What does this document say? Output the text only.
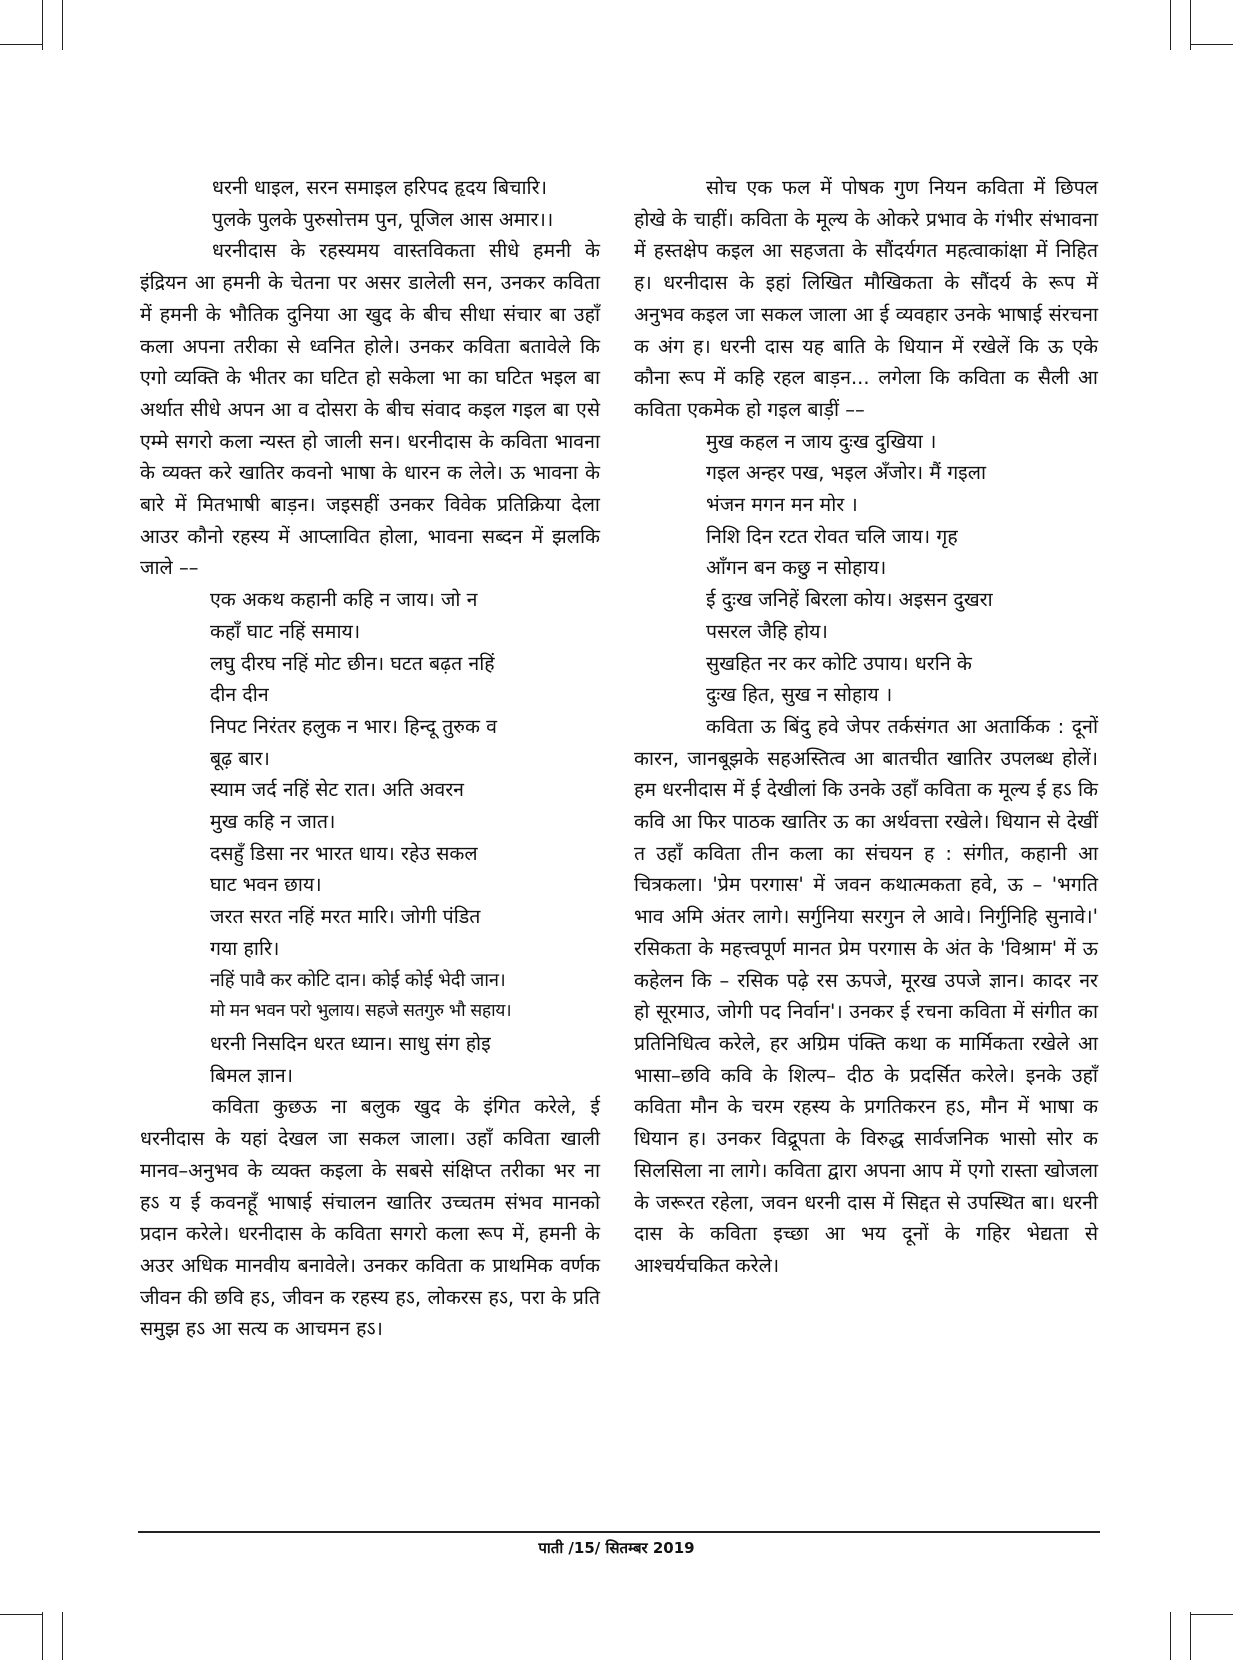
धरनी धाइल, सरन समाइल हरिपद हृदय बिचारि।

पुलके पुलके पुरुसोत्तम पुन, पूजिल आस अमार।।

धरनीदास के रहस्यमय वास्तविकता सीधे हमनी के इंद्रियन आ हमनी के चेतना पर असर डालेली सन, उनकर कविता में हमनी के भौतिक दुनिया आ खुद के बीच सीधा संचार बा उहाँ कला अपना तरीका से ध्वनित होले। उनकर कविता बतावेले कि एगो व्यक्ति के भीतर का घटित हो सकेला भा का घटित भइल बा अर्थात सीधे अपन आ व दोसरा के बीच संवाद कइल गइल बा एसे एम्मे सगरो कला न्यस्त हो जाली सन। धरनीदास के कविता भावना के व्यक्त करे खातिर कवनो भाषा के धारन क लेले। ऊ भावना के बारे में मितभाषी बाड़न। जइसहीं उनकर विवेक प्रतिक्रिया देला आउर कौनो रहस्य में आप्लावित होला, भावना सब्दन में झलकि जाले ––

एक अकथ कहानी कहि न जाय। जो न

कहाँ घाट नहिं समाय।

लघु दीरघ नहिं मोट छीन। घटत बढ़त नहिं

दीन दीन

निपट निरंतर हलुक न भार। हिन्दू तुरुक व

बूढ़ बार।

स्याम जर्द नहिं सेट रात। अति अवरन

मुख कहि न जात।

दसहुँ डिसा नर भारत धाय। रहेउ सकल

घाट भवन छाय।

जरत सरत नहिं मरत मारि। जोगी पंडित

गया हारि।

नहिं पावै कर कोटि दान। कोई कोई भेदी जान।

मो मन भवन परो भुलाय। सहजे सतगुरु भौ सहाय।

धरनी निसदिन धरत ध्यान। साधु संग होइ

बिमल ज्ञान।

कविता कुछऊ ना बलुक खुद के इंगित करेले, ई धरनीदास के यहां देखल जा सकल जाला। उहाँ कविता खाली मानव–अनुभव के व्यक्त कइला के सबसे संक्षिप्त तरीका भर ना हऽ य ई कवनहूँ भाषाई संचालन खातिर उच्चतम संभव मानको प्रदान करेले। धरनीदास के कविता सगरो कला रूप में, हमनी के अउर अधिक मानवीय बनावेले। उनकर कविता क प्राथमिक वर्णक जीवन की छवि हऽ, जीवन क रहस्य हऽ, लोकरस हऽ, परा के प्रति समुझ हऽ आ सत्य क आचमन हऽ।

सोच एक फल में पोषक गुण नियन कविता में छिपल होखे के चाहीं। कविता के मूल्य के ओकरे प्रभाव के गंभीर संभावना में हस्तक्षेप कइल आ सहजता के सौंदर्यगत महत्वाकांक्षा में निहित ह। धरनीदास के इहां लिखित मौखिकता के सौंदर्य के रूप में अनुभव कइल जा सकल जाला आ ई व्यवहार उनके भाषाई संरचना क अंग ह। धरनी दास यह बाति के धियान में रखेलें कि ऊ एके कौना रूप में कहि रहल बाड़न... लगेला कि कविता क सैली आ कविता एकमेक हो गइल बाड़ीं ––

मुख कहल न जाय दुःख दुखिया ।

गइल अन्हर पख, भइल अँजोर। मैं गइला

भंजन मगन मन मोर ।

निशि दिन रटत रोवत चलि जाय। गृह

आँगन बन कछु न सोहाय।

ई दुःख जनिहें बिरला कोय। अइसन दुखरा

पसरल जैहि होय।

सुखहित नर कर कोटि उपाय। धरनि के

दुःख हित, सुख न सोहाय ।

कविता ऊ बिंदु हवे जेपर तर्कसंगत आ अतार्किक : दूनों कारन, जानबूझके सहअस्तित्व आ बातचीत खातिर उपलब्ध होलें। हम धरनीदास में ई देखीलां कि उनके उहाँ कविता क मूल्य ई हऽ कि कवि आ फिर पाठक खातिर ऊ का अर्थवत्ता रखेले। धियान से देखीं त उहाँ कविता तीन कला का संचयन ह : संगीत, कहानी आ चित्रकला। 'प्रेम परगास' में जवन कथात्मकता हवे, ऊ – 'भगति भाव अमि अंतर लागे। सर्गुनिया सरगुन ले आवे। निर्गुनिहि सुनावे।' रसिकता के महत्त्वपूर्ण मानत प्रेम परगास के अंत के 'विश्राम' में ऊ कहेलन कि – रसिक पढ़े रस ऊपजे, मूरख उपजे ज्ञान। कादर नर हो सूरमाउ, जोगी पद निर्वान'। उनकर ई रचना कविता में संगीत का प्रतिनिधित्व करेले, हर अग्रिम पंक्ति कथा क मार्मिकता रखेले आ भासा–छवि कवि के शिल्प– दीठ के प्रदर्सित करेले। इनके उहाँ कविता मौन के चरम रहस्य के प्रगतिकरन हऽ, मौन में भाषा क धियान ह। उनकर विद्रूपता के विरुद्ध सार्वजनिक भासो सोर क सिलसिला ना लागे। कविता द्वारा अपना आप में एगो रास्ता खोजला के जरूरत रहेला, जवन धरनी दास में सिद्दत से उपस्थित बा। धरनी दास के कविता इच्छा आ भय दूनों के गहिर भेद्यता से आश्चर्यचकित करेले।

पाती /15/ सितम्बर 2019
